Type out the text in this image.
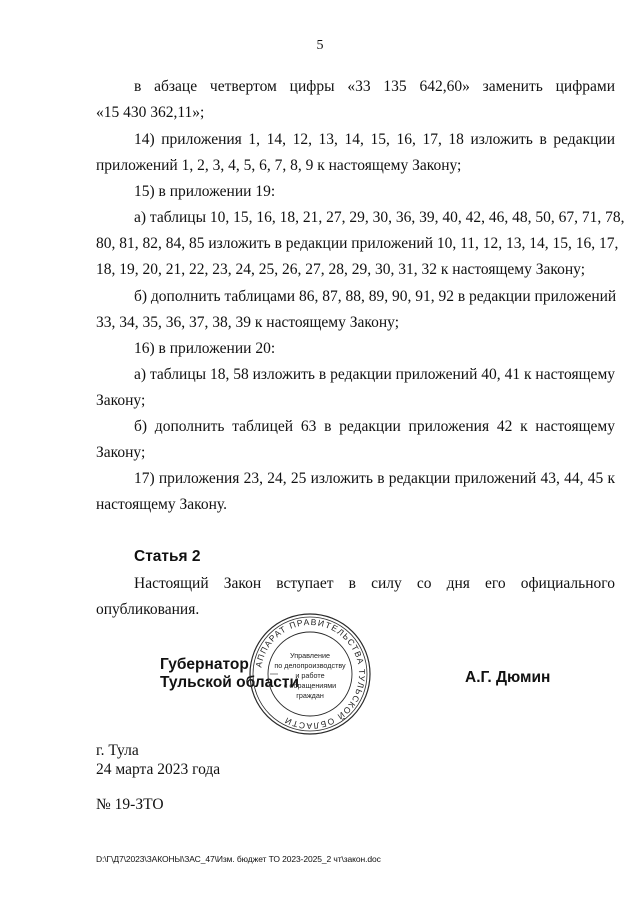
5
в абзаце четвертом цифры «33 135 642,60» заменить цифрами
«15 430 362,11»;
14) приложения 1, 14, 12, 13, 14, 15, 16, 17, 18 изложить в редакции
приложений 1, 2, 3, 4, 5, 6, 7, 8, 9 к настоящему Закону;
15) в приложении 19:
а) таблицы 10, 15, 16, 18, 21, 27, 29, 30, 36, 39, 40, 42, 46, 48, 50, 67, 71, 78,
80, 81, 82, 84, 85 изложить в редакции приложений 10, 11, 12, 13, 14, 15, 16, 17,
18, 19, 20, 21, 22, 23, 24, 25, 26, 27, 28, 29, 30, 31, 32 к настоящему Закону;
б) дополнить таблицами 86, 87, 88, 89, 90, 91, 92 в редакции приложений
33, 34, 35, 36, 37, 38, 39 к настоящему Закону;
16) в приложении 20:
а) таблицы 18, 58 изложить в редакции приложений 40, 41 к настоящему
Закону;
б) дополнить таблицей 63 в редакции приложения 42 к настоящему
Закону;
17) приложения 23, 24, 25 изложить в редакции приложений 43, 44, 45 к
настоящему Закону.
Статья 2
Настоящий Закон вступает в силу со дня его официального
опубликования.
Губернатор
Тульской области	А.Г. Дюмин
АППАРАТ ПРАВИТЕЛЬСТВА ТУЛЬСКОЙ ОБЛАСТИ
Управление
по делопроизводству
и работе
с обращениями
граждан
г. Тула
24 марта 2023 года
№ 19-ЗТО
D:\Г\Д7\2023\ЗАКОНЫ\ЗАС_47\Изм. бюджет ТО 2023-2025_2 чт\закон.doc
